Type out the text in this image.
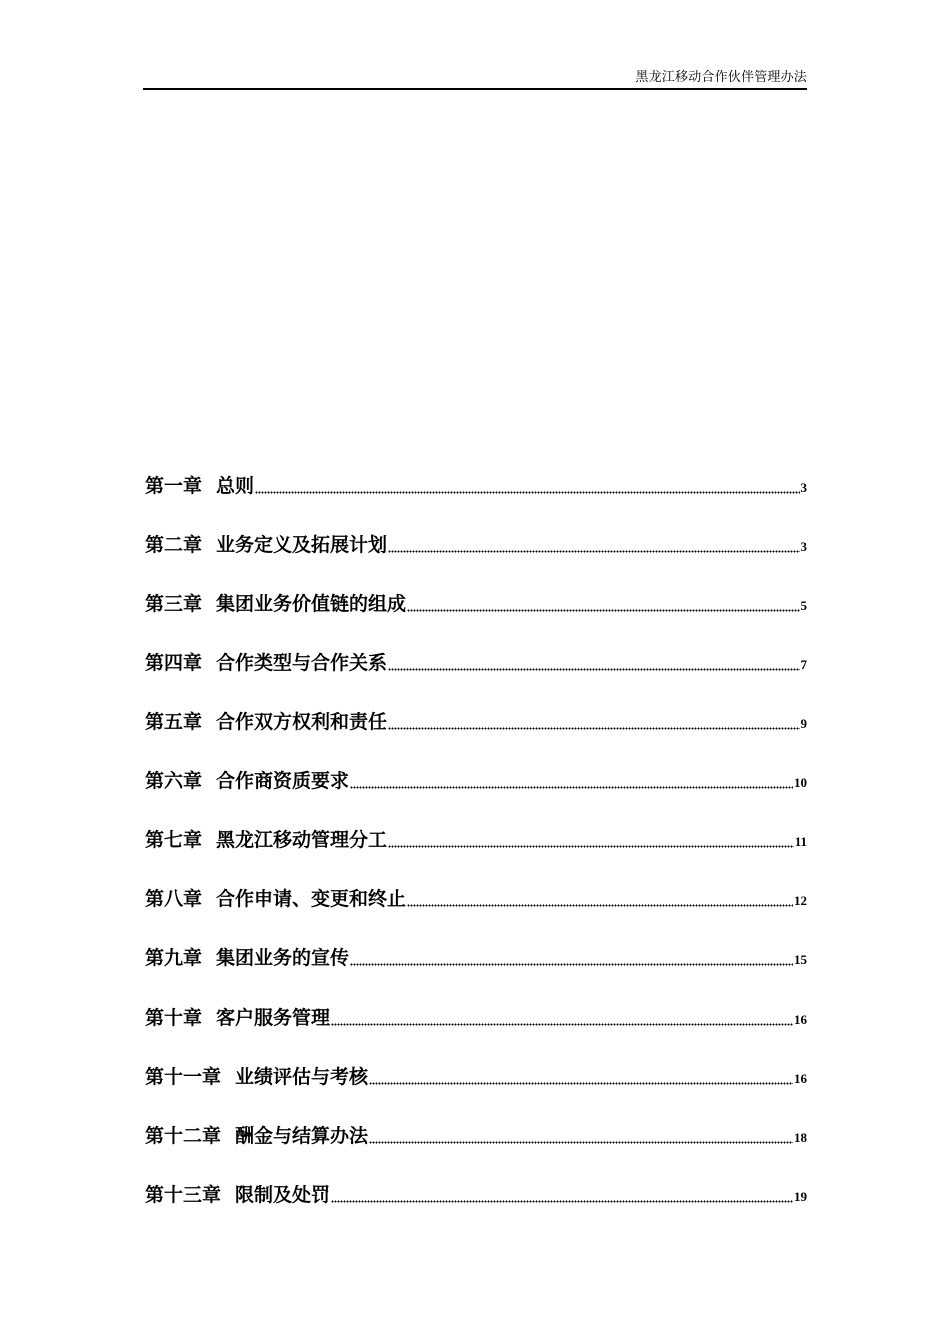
黑龙江移动合作伙伴管理办法
第一章 总则	3
第二章 业务定义及拓展计划	3
第三章 集团业务价值链的组成	5
第四章 合作类型与合作关系	7
第五章 合作双方权利和责任	9
第六章 合作商资质要求	10
第七章 黑龙江移动管理分工	11
第八章 合作申请、变更和终止	12
第九章 集团业务的宣传	15
第十章 客户服务管理	16
第十一章 业绩评估与考核	16
第十二章 酬金与结算办法	18
第十三章 限制及处罚	19
